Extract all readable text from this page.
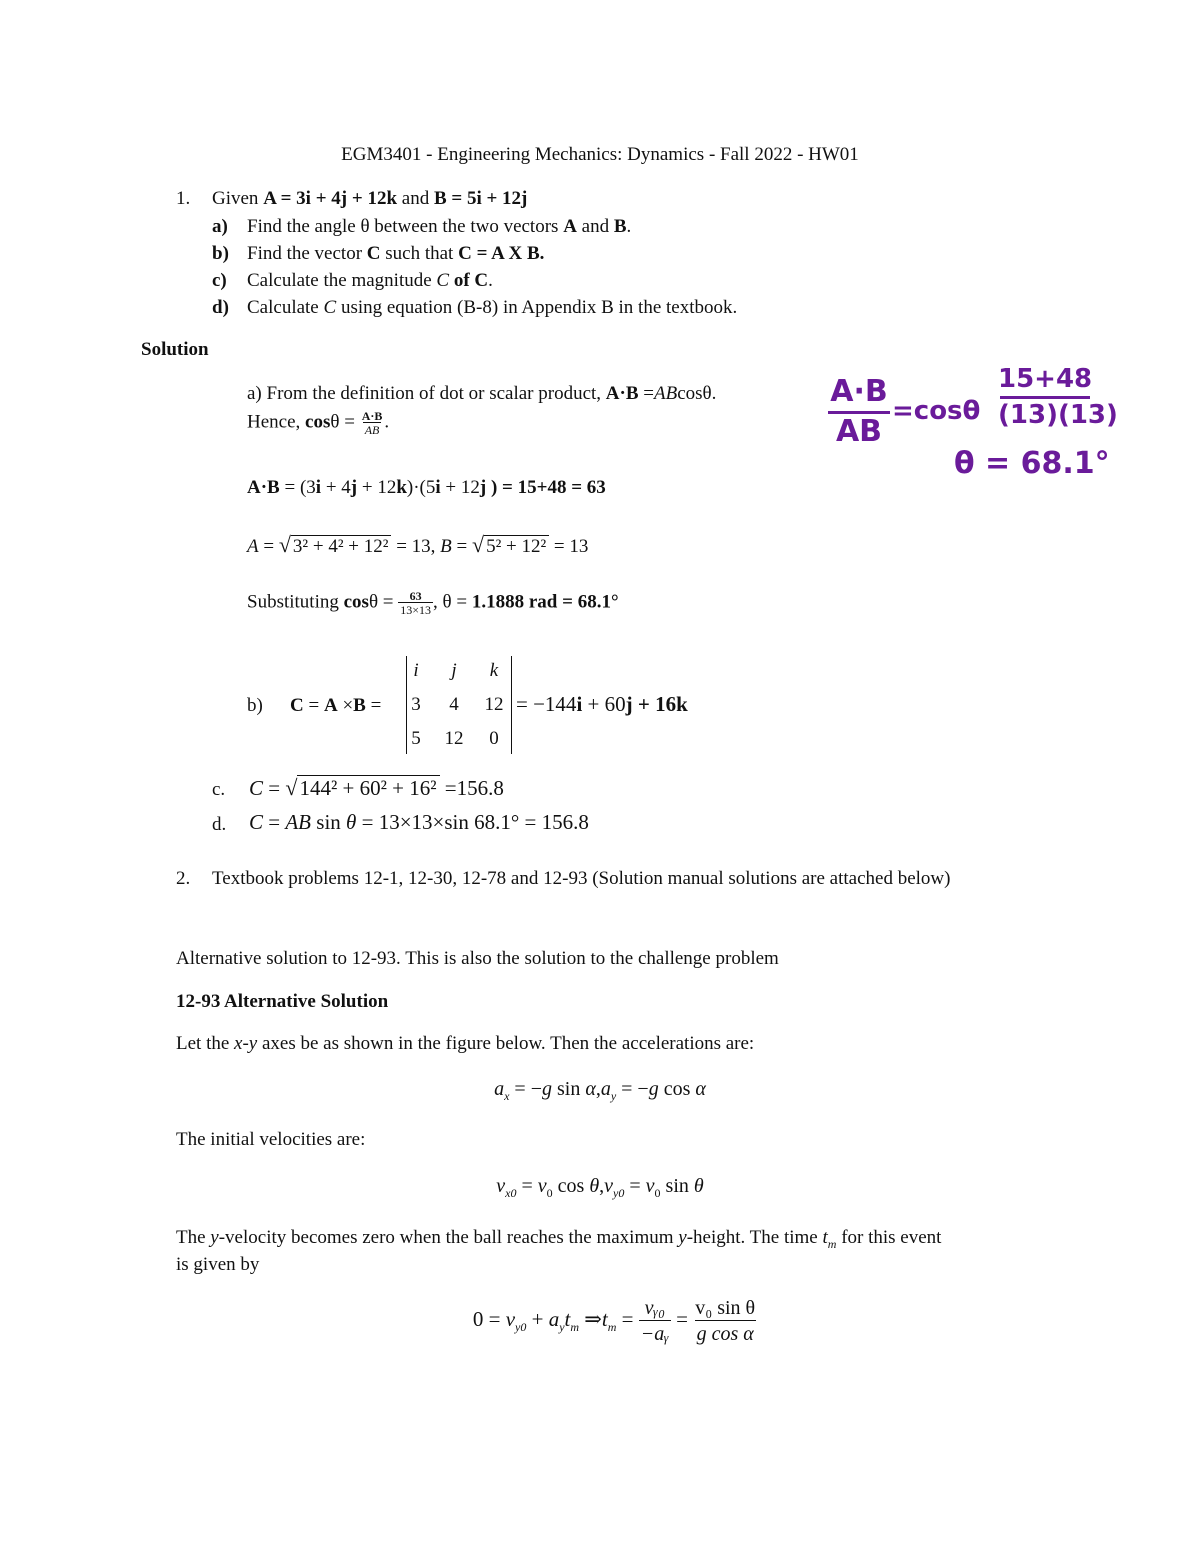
EGM3401 - Engineering Mechanics: Dynamics - Fall 2022 - HW01
1. Given A = 3i + 4j + 12k and B = 5i + 12j
a) Find the angle θ between the two vectors A and B.
b) Find the vector C such that C = A X B.
c) Calculate the magnitude C of C.
d) Calculate C using equation (B-8) in Appendix B in the textbook.
Solution
a) From the definition of dot or scalar product, A·B =ABcosθ.
Hence, $\cos\theta = \frac{A\cdot B}{AB}$ .
A·B = (3i + 4j + 12k)·(5i + 12j ) = 15+48 = 63
A = √ 3² + 4² + 12² = 13, B = √ 5² + 12² = 13
Substituting $\cos\theta = \frac{63}{13\times 13}$ , θ = 1.1888 rad = 68.1°
b) C = A ×B =
i	j	k
3	4	12
5	12	0
= −144i + 60j + 16k
c. C = √144² + 60² + 16² =156.8
d. C = AB sin θ = 13×13×sin 68.1° = 156.8
2. Textbook problems 12-1, 12-30, 12-78 and 12-93 (Solution manual solutions are attached below)
Alternative solution to 12-93. This is also the solution to the challenge problem
12-93 Alternative Solution
Let the x-y axes be as shown in the figure below. Then the accelerations are:
$a_x = -g$ $\sin \alpha,a_y = -g$ cos α
The initial velocities are:
$v_{x0} = v_0$ $\cos \theta,v_{y0} = v_0$ sin θ
The y-velocity becomes zero when the ball reaches the maximum y-height. The time $t_m$ for this event
is given by
$0 = v_{y0} + a_yt_m$ $\Rightarrow t_m = \frac{\text{vᵧ₀}}{\text{−aᵧ}} = \frac{\text{v₀ sin θ}}{\text{g cos α}}$
A·B
AB
=cosθ
15+48
(13)(13)
θ = 68.1°
